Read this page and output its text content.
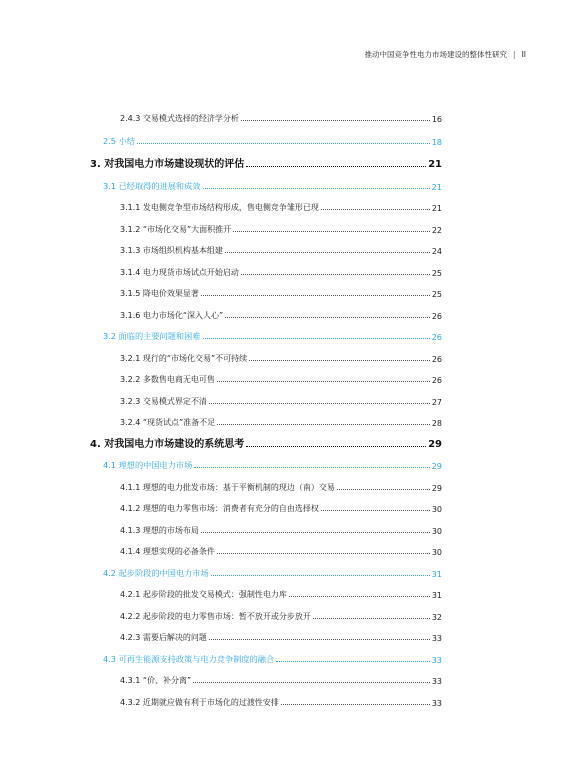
推动中国竞争性电力市场建设的整体性研究 | II
2.4.3 交易模式选择的经济学分析	16
2.5 小结	18
3. 对我国电力市场建设现状的评估	21
3.1 已经取得的进展和成效	21
3.1.1 发电侧竞争型市场结构形成，售电侧竞争雏形已现	21
3.1.2 “市场化交易”大面积推开	22
3.1.3 市场组织机构基本组建	24
3.1.4 电力现货市场试点开始启动	25
3.1.5 降电价效果显著	25
3.1.6 电力市场化“深入人心”	26
3.2 面临的主要问题和困难	26
3.2.1 现行的“市场化交易”不可持续	26
3.2.2 多数售电商无电可售	26
3.2.3 交易模式界定不清	27
3.2.4 “现货试点”准备不足	28
4. 对我国电力市场建设的系统思考	29
4.1 理想的中国电力市场	29
4.1.1 理想的电力批发市场：基于平衡机制的现边（南）交易	29
4.1.2 理想的电力零售市场：消费者有充分的自由选择权	30
4.1.3 理想的市场布局	30
4.1.4 理想实现的必备条件	30
4.2 起步阶段的中国电力市场	31
4.2.1 起步阶段的批发交易模式：强制性电力库	31
4.2.2 起步阶段的电力零售市场：暂不放开或分步放开	32
4.2.3 需要后解决的问题	33
4.3 可再生能源支持政策与电力竞争制度的融合	33
4.3.1 “价、补分离”	33
4.3.2 近期就应做有利于市场化的过渡性安排	33
